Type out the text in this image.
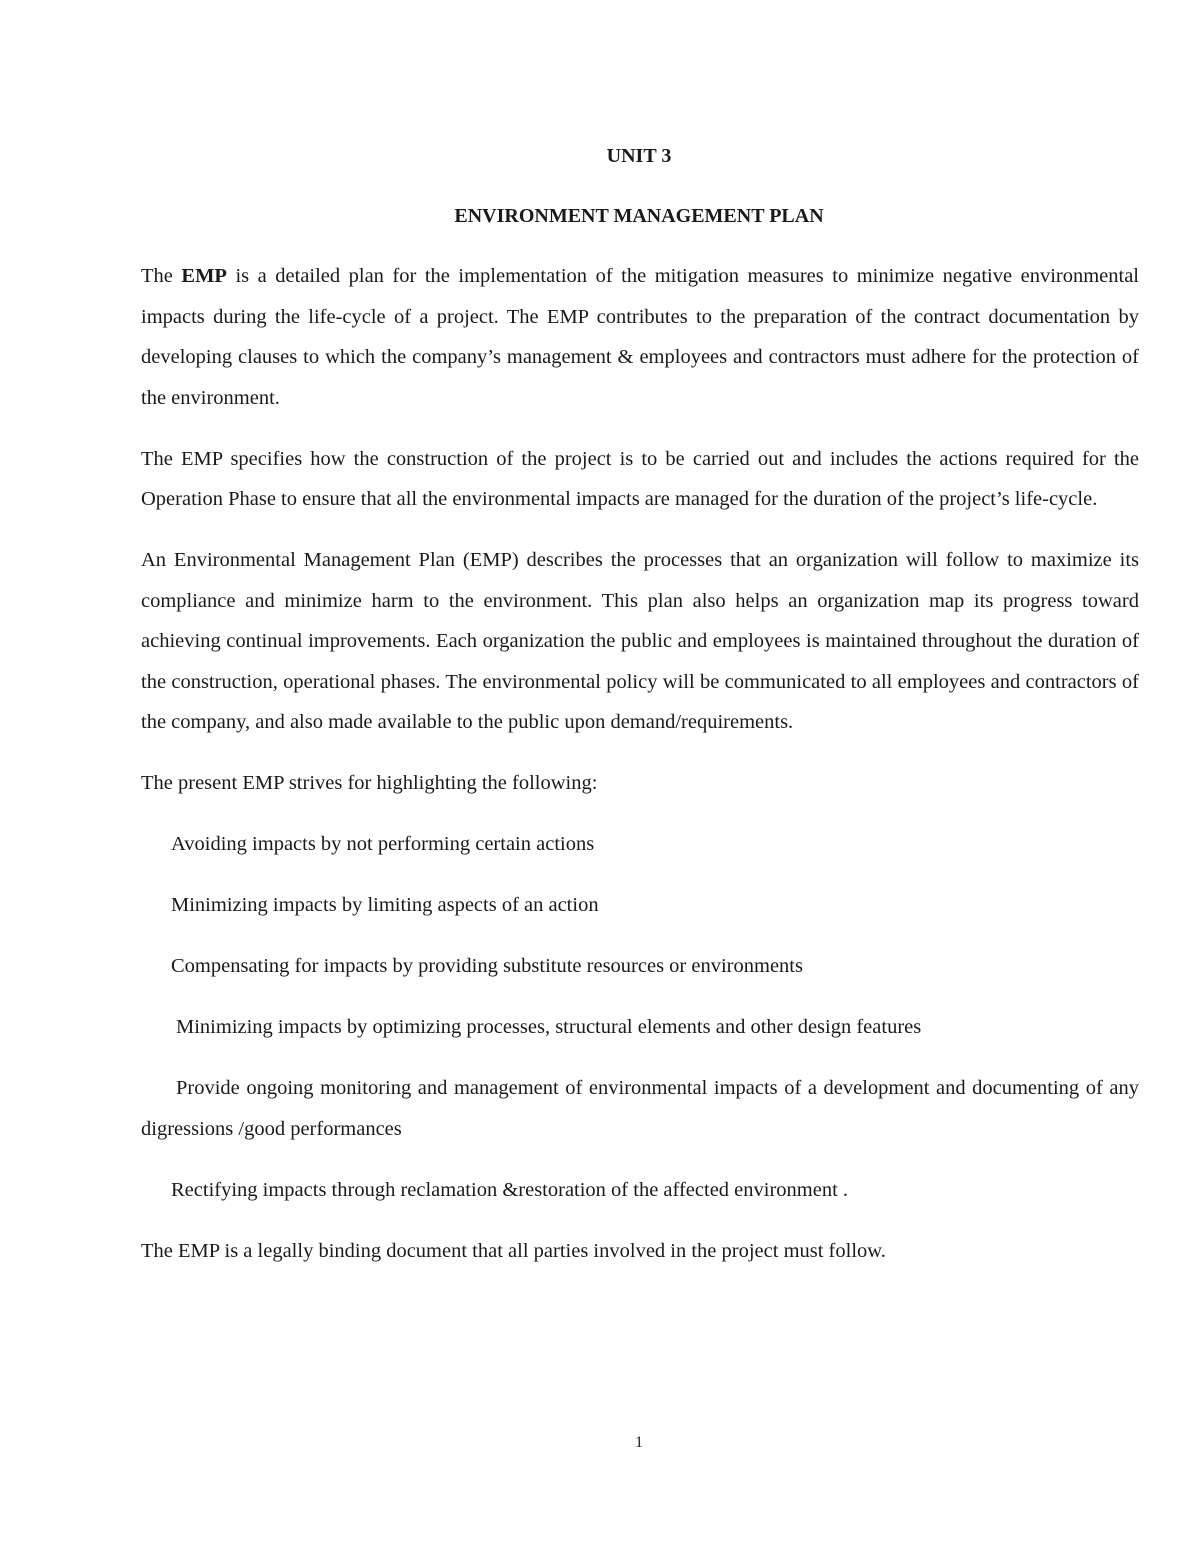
UNIT 3
ENVIRONMENT MANAGEMENT PLAN

The EMP is a detailed plan for the implementation of the mitigation measures to minimize negative environmental impacts during the life-cycle of a project. The EMP contributes to the preparation of the contract documentation by developing clauses to which the company’s management & employees and contractors must adhere for the protection of the environment.

The EMP specifies how the construction of the project is to be carried out and includes the actions required for the Operation Phase to ensure that all the environmental impacts are managed for the duration of the project’s life-cycle.

An Environmental Management Plan (EMP) describes the processes that an organization will follow to maximize its compliance and minimize harm to the environment. This plan also helps an organization map its progress toward achieving continual improvements. Each organization the public and employees is maintained throughout the duration of the construction, operational phases. The environmental policy will be communicated to all employees and contractors of the company, and also made available to the public upon demand/requirements.

The present EMP strives for highlighting the following:

Avoiding impacts by not performing certain actions

Minimizing impacts by limiting aspects of an action

Compensating for impacts by providing substitute resources or environments

Minimizing impacts by optimizing processes, structural elements and other design features

Provide ongoing monitoring and management of environmental impacts of a development and documenting of any digressions /good performances

Rectifying impacts through reclamation &restoration of the affected environment .

The EMP is a legally binding document that all parties involved in the project must follow.

1
